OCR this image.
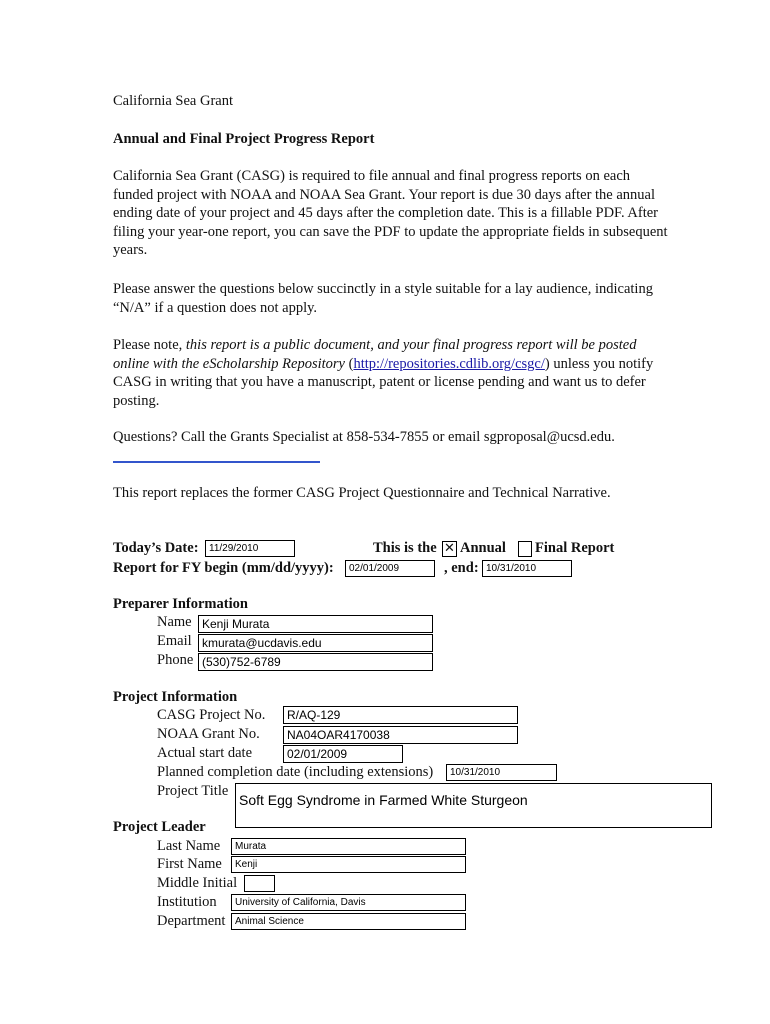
California Sea Grant
Annual and Final Project Progress Report
California Sea Grant (CASG) is required to file annual and final progress reports on each funded project with NOAA and NOAA Sea Grant. Your report is due 30 days after the annual ending date of your project and 45 days after the completion date. This is a fillable PDF. After filing your year-one report, you can save the PDF to update the appropriate fields in subsequent years.
Please answer the questions below succinctly in a style suitable for a lay audience, indicating “N/A” if a question does not apply.
Please note, this report is a public document, and your final progress report will be posted online with the eScholarship Repository (http://repositories.cdlib.org/csgc/) unless you notify CASG in writing that you have a manuscript, patent or license pending and want us to defer posting.
Questions? Call the Grants Specialist at 858-534-7855 or email sgproposal@ucsd.edu.
This report replaces the former CASG Project Questionnaire and Technical Narrative.
Today’s Date:	11/29/2010	This is the ✕ Annual Final Report
Report for FY begin (mm/dd/yyyy):	02/01/2009	, end: 10/31/2010
Preparer Information
Name Kenji Murata
Email kmurata@ucdavis.edu
Phone (530)752-6789
Project Information
CASG Project No.	R/AQ-129
NOAA Grant No.	NA04OAR4170038
Actual start date	02/01/2009
Planned completion date (including extensions)	10/31/2010
Project Title
Soft Egg Syndrome in Farmed White Sturgeon
Project Leader
Last Name	Murata
First Name	Kenji
Middle Initial
Institution	University of California, Davis
Department Animal Science
